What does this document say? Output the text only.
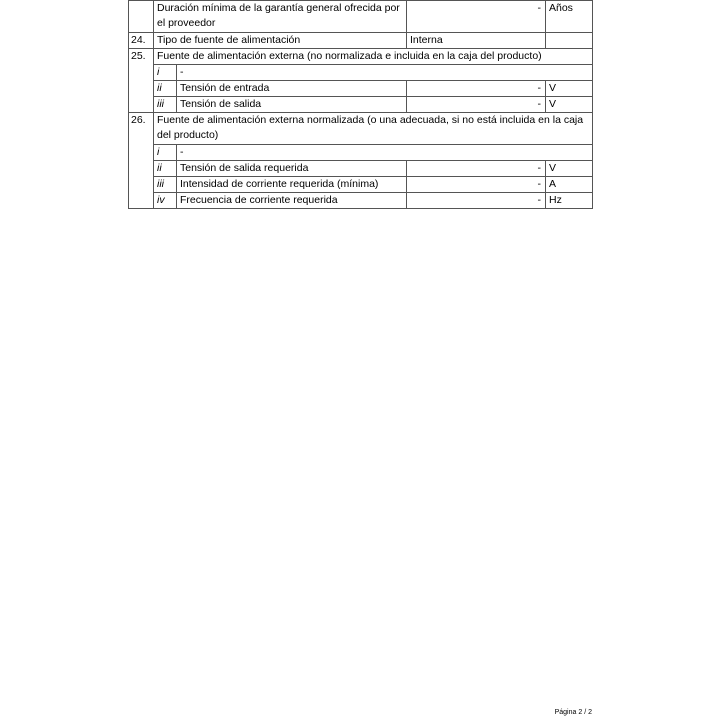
	Duración mínima de la garantía general ofrecida por el proveedor		-	Años
24.	Tipo de fuente de alimentación		Interna	
25.	Fuente de alimentación externa (no normalizada e incluida en la caja del producto)			
	i	-		
	ii	Tensión de entrada	-	V
	iii	Tensión de salida	-	V
26.	Fuente de alimentación externa normalizada (o una adecuada, si no está incluida en la caja del producto)			
	i	-		
	ii	Tensión de salida requerida	-	V
	iii	Intensidad de corriente requerida (mínima)	-	A
	iv	Frecuencia de corriente requerida	-	Hz
Página 2 / 2
